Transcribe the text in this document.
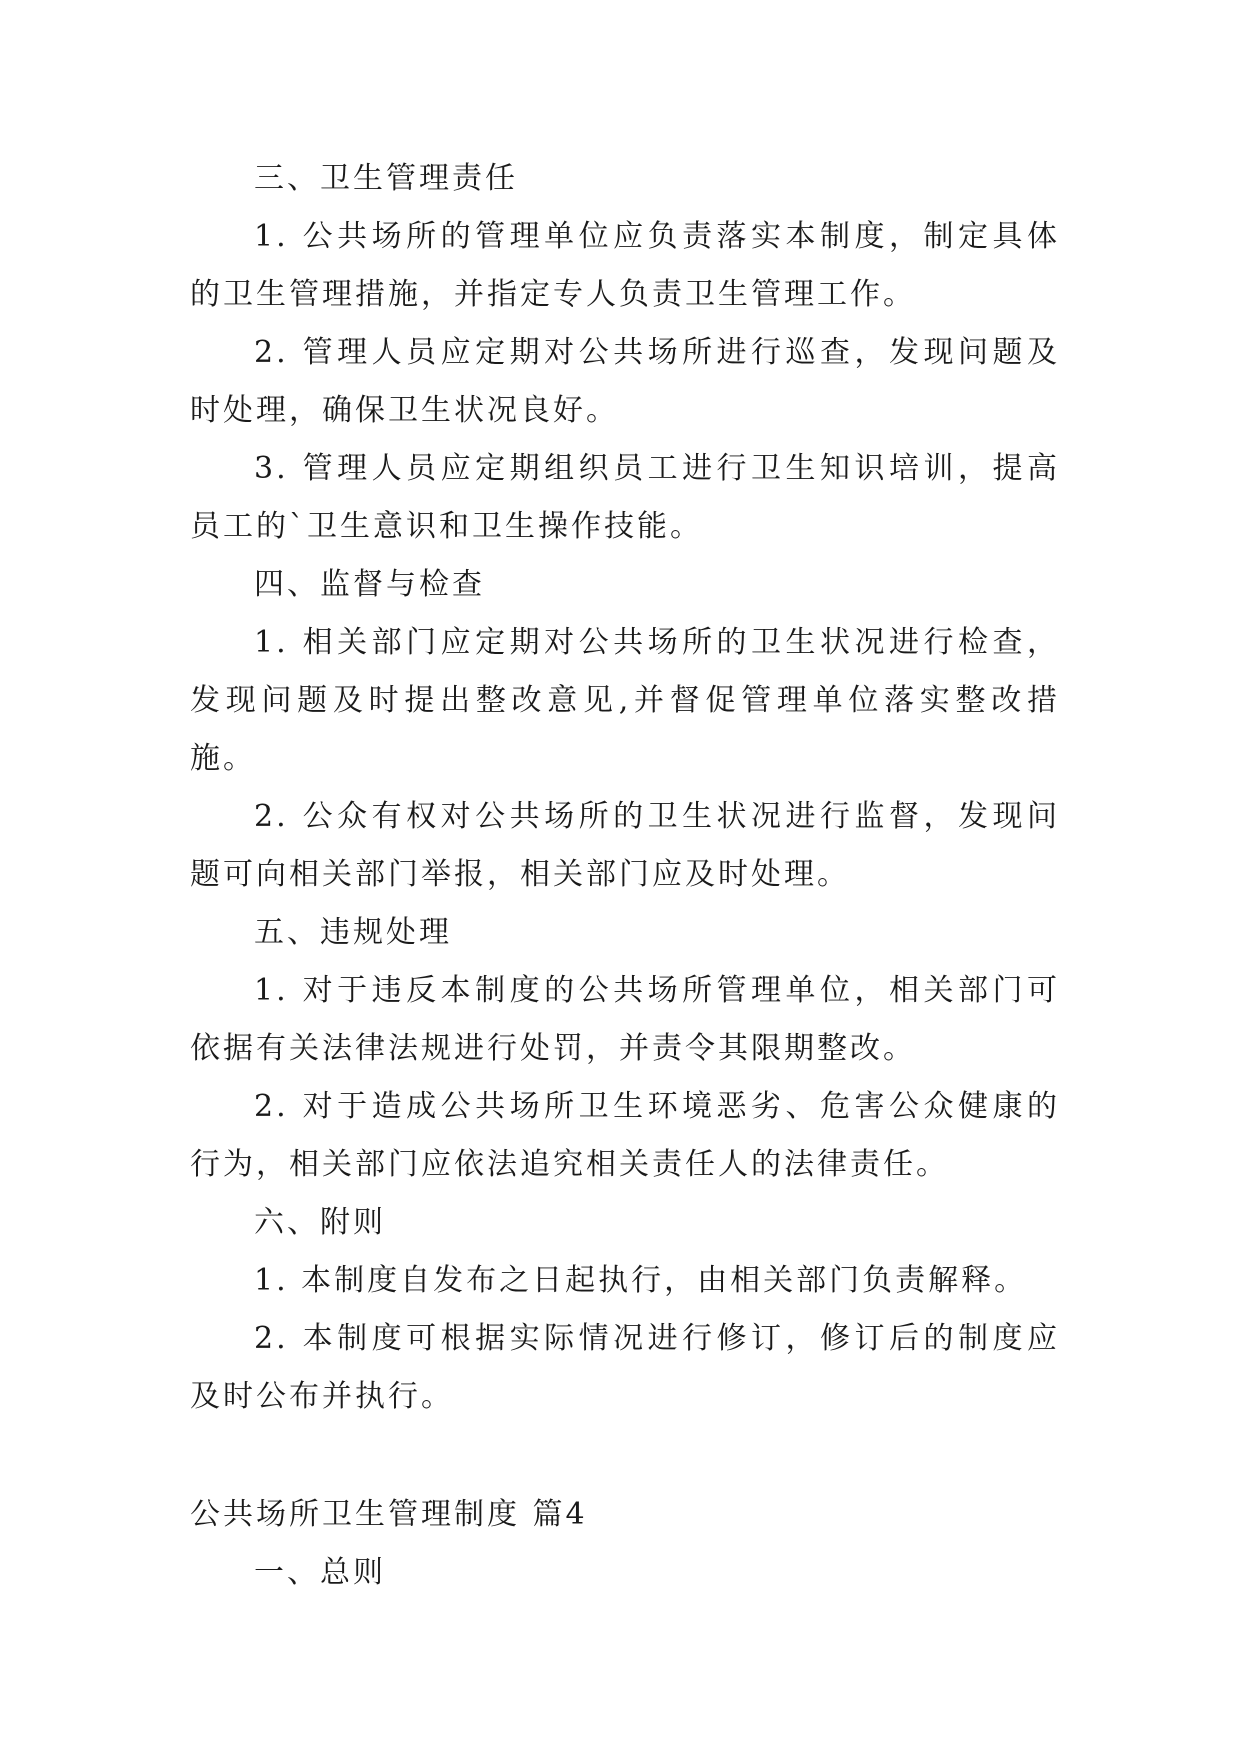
三、卫生管理责任

1. 公共场所的管理单位应负责落实本制度，制定具体的卫生管理措施，并指定专人负责卫生管理工作。

2. 管理人员应定期对公共场所进行巡查，发现问题及时处理，确保卫生状况良好。

3. 管理人员应定期组织员工进行卫生知识培训，提高员工的`卫生意识和卫生操作技能。

四、监督与检查

1. 相关部门应定期对公共场所的卫生状况进行检查，发现问题及时提出整改意见,并督促管理单位落实整改措施。

2. 公众有权对公共场所的卫生状况进行监督，发现问题可向相关部门举报，相关部门应及时处理。

五、违规处理

1. 对于违反本制度的公共场所管理单位，相关部门可依据有关法律法规进行处罚，并责令其限期整改。

2. 对于造成公共场所卫生环境恶劣、危害公众健康的行为，相关部门应依法追究相关责任人的法律责任。

六、附则

1. 本制度自发布之日起执行，由相关部门负责解释。

2. 本制度可根据实际情况进行修订，修订后的制度应及时公布并执行。

公共场所卫生管理制度 篇4

一、总则
